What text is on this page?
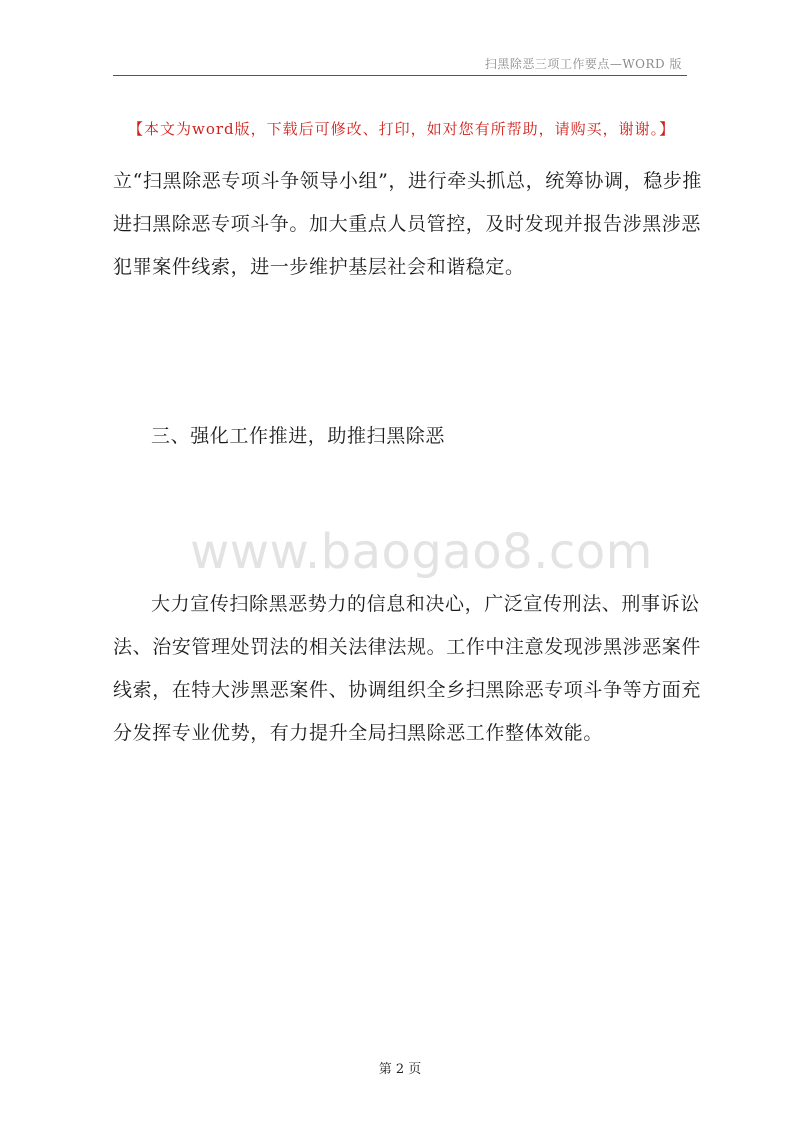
扫黑除恶三项工作要点—WORD 版
【本文为word版，下载后可修改、打印，如对您有所帮助，请购买，谢谢。】

立“扫黑除恶专项斗争领导小组”，进行牵头抓总，统筹协调，稳步推进扫黑除恶专项斗争。加大重点人员管控，及时发现并报告涉黑涉恶犯罪案件线索，进一步维护基层社会和谐稳定。

三、强化工作推进，助推扫黑除恶

www.baogao8.com

大力宣传扫除黑恶势力的信息和决心，广泛宣传刑法、刑事诉讼法、治安管理处罚法的相关法律法规。工作中注意发现涉黑涉恶案件线索，在特大涉黑恶案件、协调组织全乡扫黑除恶专项斗争等方面充分发挥专业优势，有力提升全局扫黑除恶工作整体效能。

第 2 页
